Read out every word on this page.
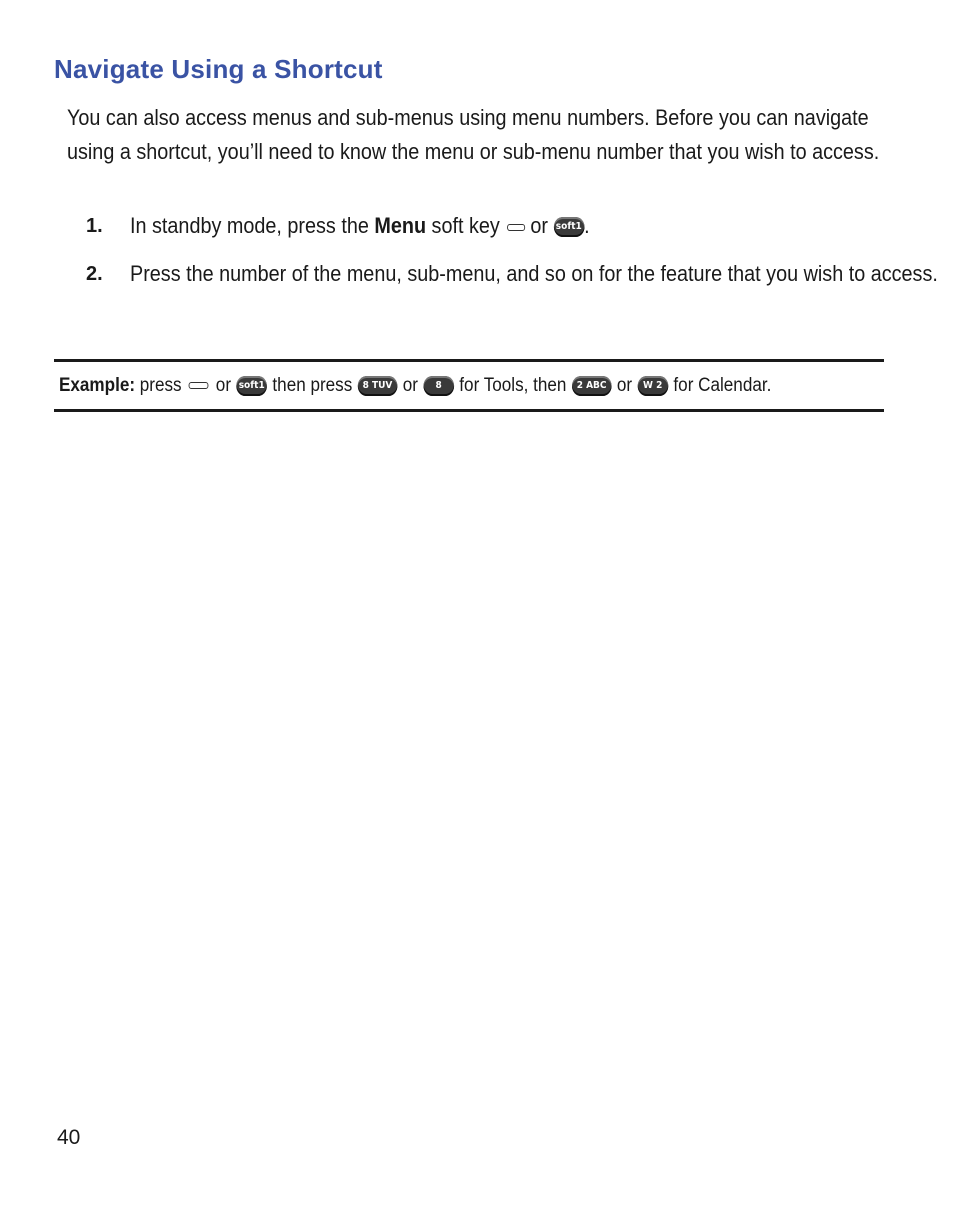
Navigate Using a Shortcut

You can also access menus and sub-menus using menu numbers. Before you can navigate using a shortcut, you’ll need to know the menu or sub-menu number that you wish to access.

1. In standby mode, press the Menu soft key or soft1 .
2. Press the number of the menu, sub-menu, and so on for the feature that you wish to access.
Example: press or soft1 then press 8 TUV or 8 for Tools, then 2 ABC or W 2 for Calendar.
40
